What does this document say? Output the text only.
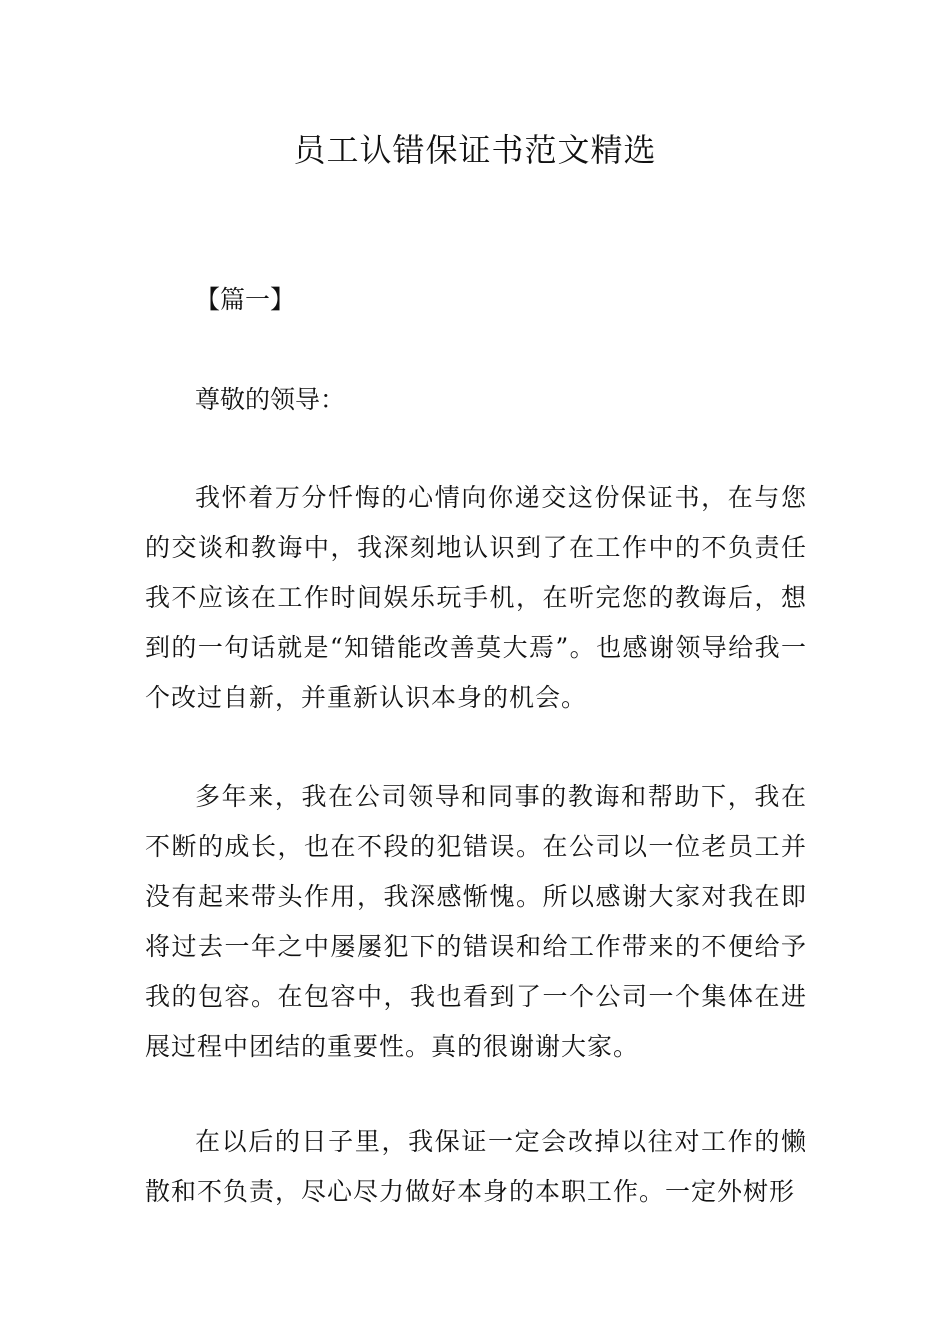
员工认错保证书范文精选

【篇一】

尊敬的领导：

我怀着万分忏悔的心情向你递交这份保证书，在与您的交谈和教诲中，我深刻地认识到了在工作中的不负责任我不应该在工作时间娱乐玩手机，在听完您的教诲后，想到的一句话就是“知错能改善莫大焉”。也感谢领导给我一个改过自新，并重新认识本身的机会。

多年来，我在公司领导和同事的教诲和帮助下，我在不断的成长，也在不段的犯错误。在公司以一位老员工并没有起来带头作用，我深感惭愧。所以感谢大家对我在即将过去一年之中屡屡犯下的错误和给工作带来的不便给予我的包容。在包容中，我也看到了一个公司一个集体在进展过程中团结的重要性。真的很谢谢大家。

在以后的日子里，我保证一定会改掉以往对工作的懒散和不负责，尽心尽力做好本身的本职工作。一定外树形
